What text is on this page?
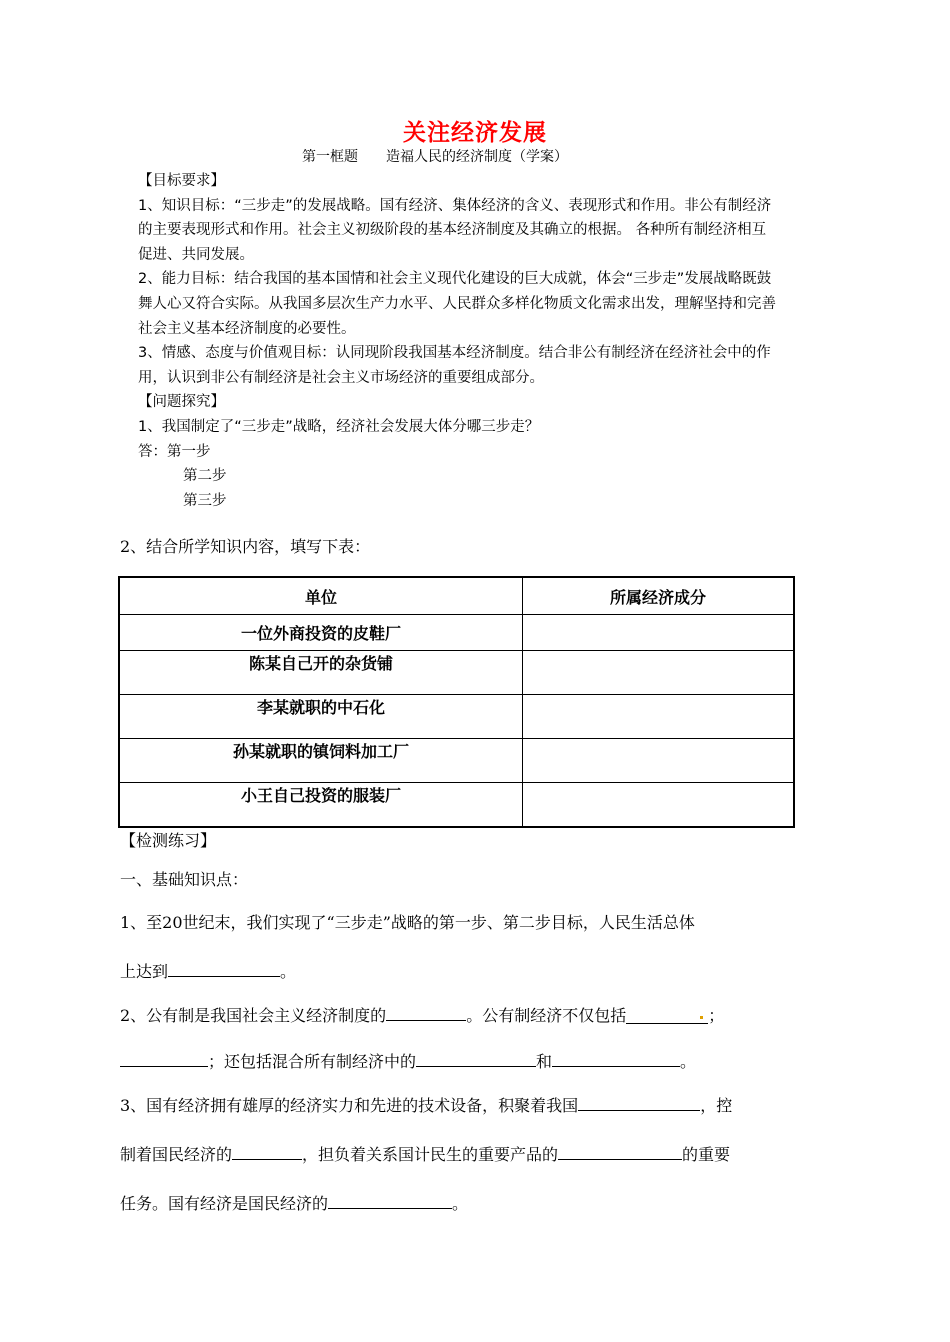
关注经济发展
第一框题　　造福人民的经济制度（学案）

【目标要求】

1、知识目标：“三步走”的发展战略。国有经济、集体经济的含义、表现形式和作用。非公有制经济的主要表现形式和作用。社会主义初级阶段的基本经济制度及其确立的根据。 各种所有制经济相互促进、共同发展。

2、能力目标：结合我国的基本国情和社会主义现代化建设的巨大成就，体会“三步走”发展战略既鼓舞人心又符合实际。从我国多层次生产力水平、人民群众多样化物质文化需求出发，理解坚持和完善社会主义基本经济制度的必要性。

3、情感、态度与价值观目标：认同现阶段我国基本经济制度。结合非公有制经济在经济社会中的作用，认识到非公有制经济是社会主义市场经济的重要组成部分。

【问题探究】

1、我国制定了“三步走”战略，经济社会发展大体分哪三步走？

答：第一步

第二步

第三步

2、结合所学知识内容，填写下表：
单位	所属经济成分
一位外商投资的皮鞋厂	
陈某自己开的杂货铺	
李某就职的中石化	
孙某就职的镇饲料加工厂	
小王自己投资的服装厂	

【检测练习】

一、基础知识点：

1、至20世纪末，我们实现了“三步走”战略的第一步、第二步目标，人民生活总体

上达到	。

2、公有制是我国社会主义经济制度的	。公有制经济不仅包括	；

；还包括混合所有制经济中的	和	。

3、国有经济拥有雄厚的经济实力和先进的技术设备，积聚着我国	，控

制着国民经济的	，担负着关系国计民生的重要产品的	的重要

任务。国有经济是国民经济的	。
